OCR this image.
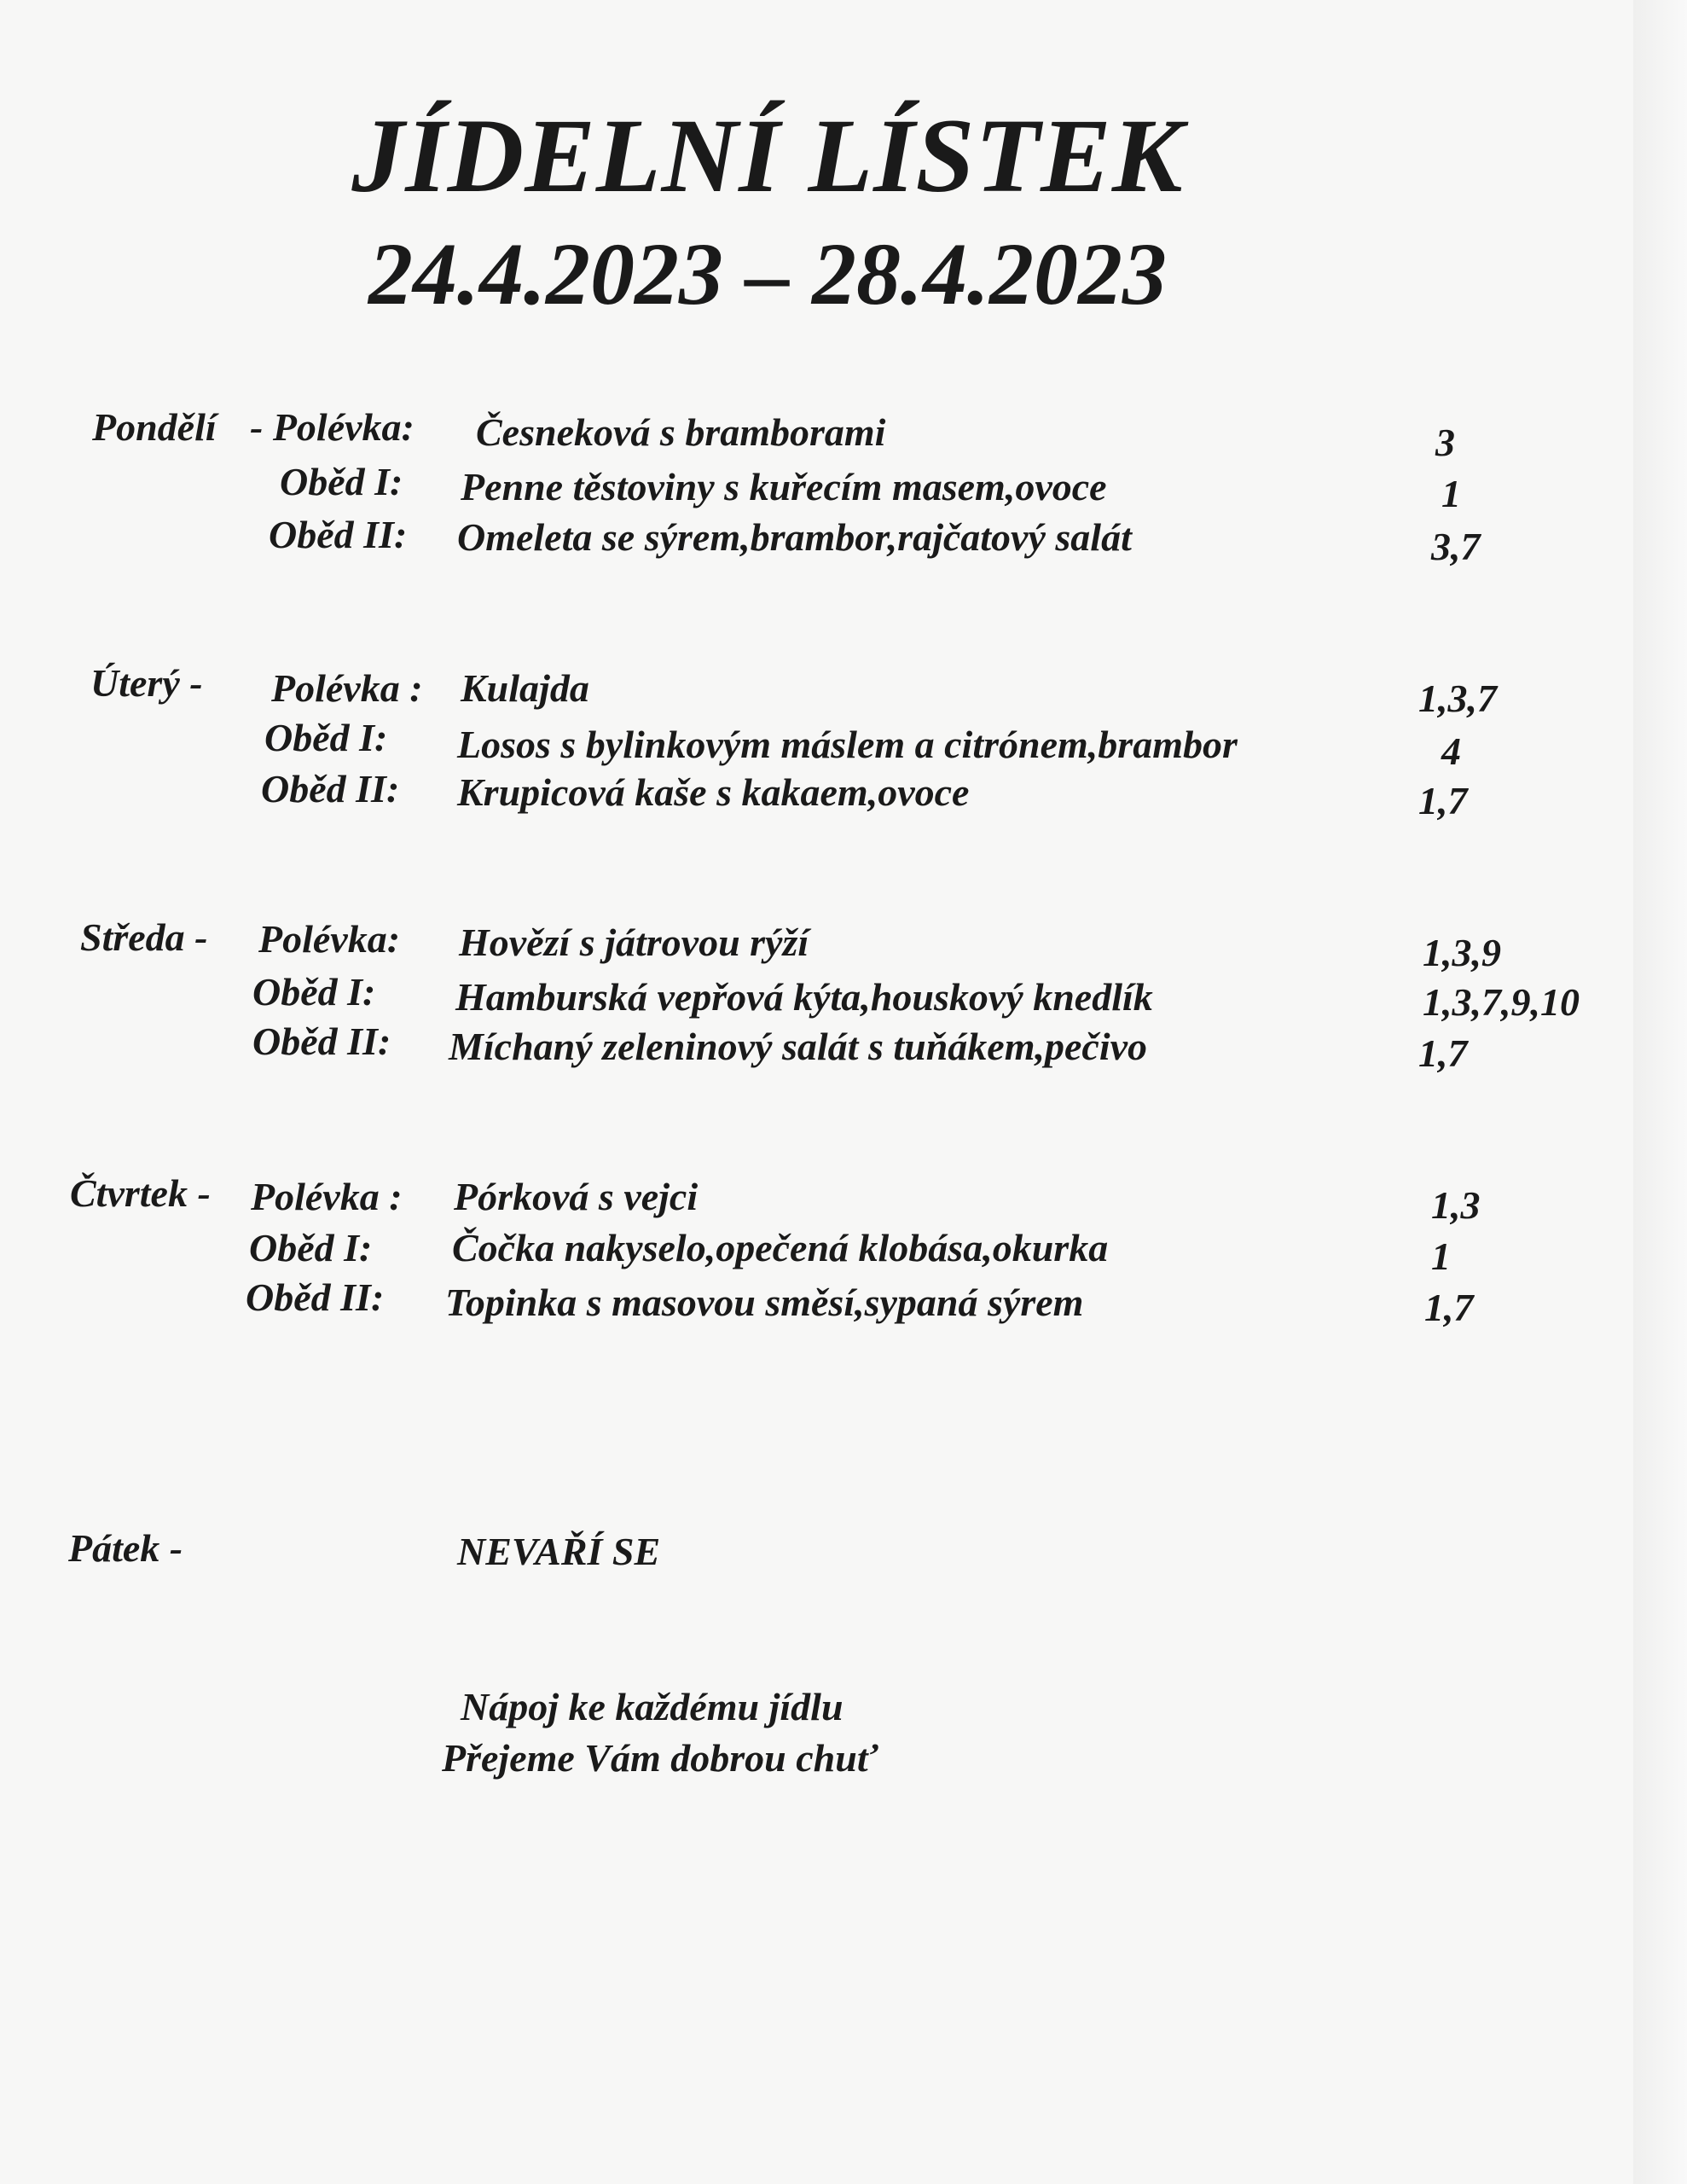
JÍDELNÍ LÍSTEK
24.4.2023 – 28.4.2023
Pondělí - Polévka: Česneková s bramborami	3
Oběd I: Penne těstoviny s kuřecím masem,ovoce	1
Oběd II: Omeleta se sýrem,brambor,rajčatový salát	3,7
Úterý - Polévka : Kulajda	1,3,7
Oběd I: Losos s bylinkovým máslem a citrónem,brambor	4
Oběd II: Krupicová kaše s kakaem,ovoce	1,7
Středa - Polévka: Hovězí s játrovou rýží	1,3,9
Oběd I: Hamburská vepřová kýta,houskový knedlík	1,3,7,9,10
Oběd II: Míchaný zeleninový salát s tuňákem,pečivo	1,7
Čtvrtek - Polévka : Pórková s vejci	1,3
Oběd I: Čočka nakyselo,opečená klobása,okurka	1
Oběd II: Topinka s masovou směsí,sypaná sýrem	1,7
Pátek -	NEVAŘÍ SE
Nápoj ke každému jídlu
Přejeme Vám dobrou chuť
